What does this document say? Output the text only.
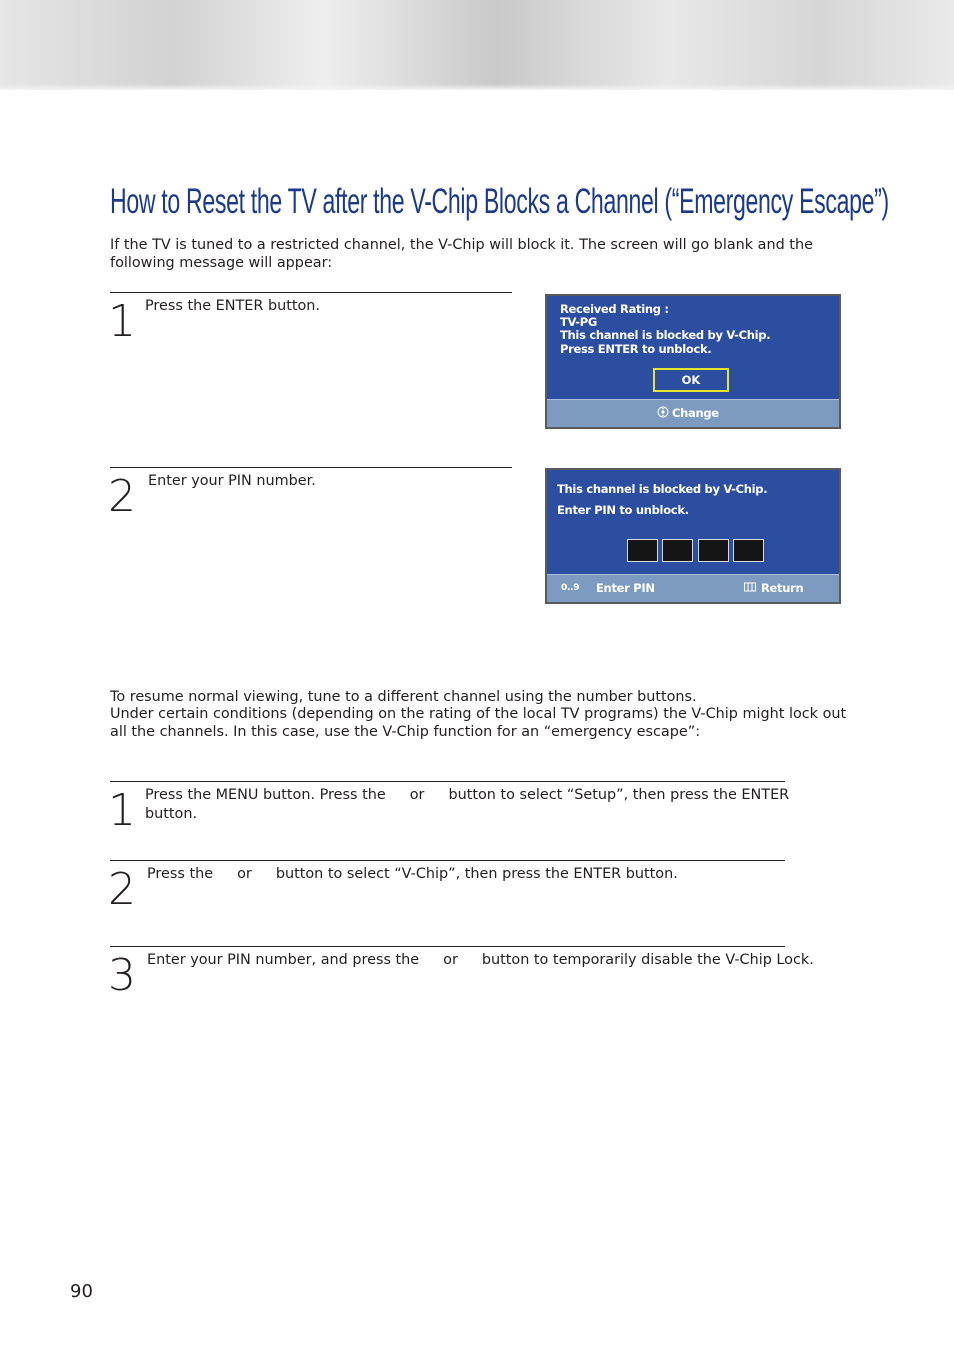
How to Reset the TV after the V-Chip Blocks a Channel (“Emergency Escape”)

If the TV is tuned to a restricted channel, the V-Chip will block it. The screen will go blank and the

following message will appear:

1 Press the ENTER button.	Received Rating :
TV-PG
This channel is blocked by V-Chip.
Press ENTER to unblock.
OK
Change
2 Enter your PIN number.	This channel is blocked by V-Chip.
Enter PIN to unblock.
0..9 Enter PIN	Return

To resume normal viewing, tune to a different channel using the number buttons.

Under certain conditions (depending on the rating of the local TV programs) the V-Chip might lock out

all the channels. In this case, use the V-Chip function for an “emergency escape”:

1 Press the MENU button. Press the or button to select “Setup”, then press the ENTER
button.

2 Press the or button to select “V-Chip”, then press the ENTER button.

3 Enter your PIN number, and press the or button to temporarily disable the V-Chip Lock.

90
